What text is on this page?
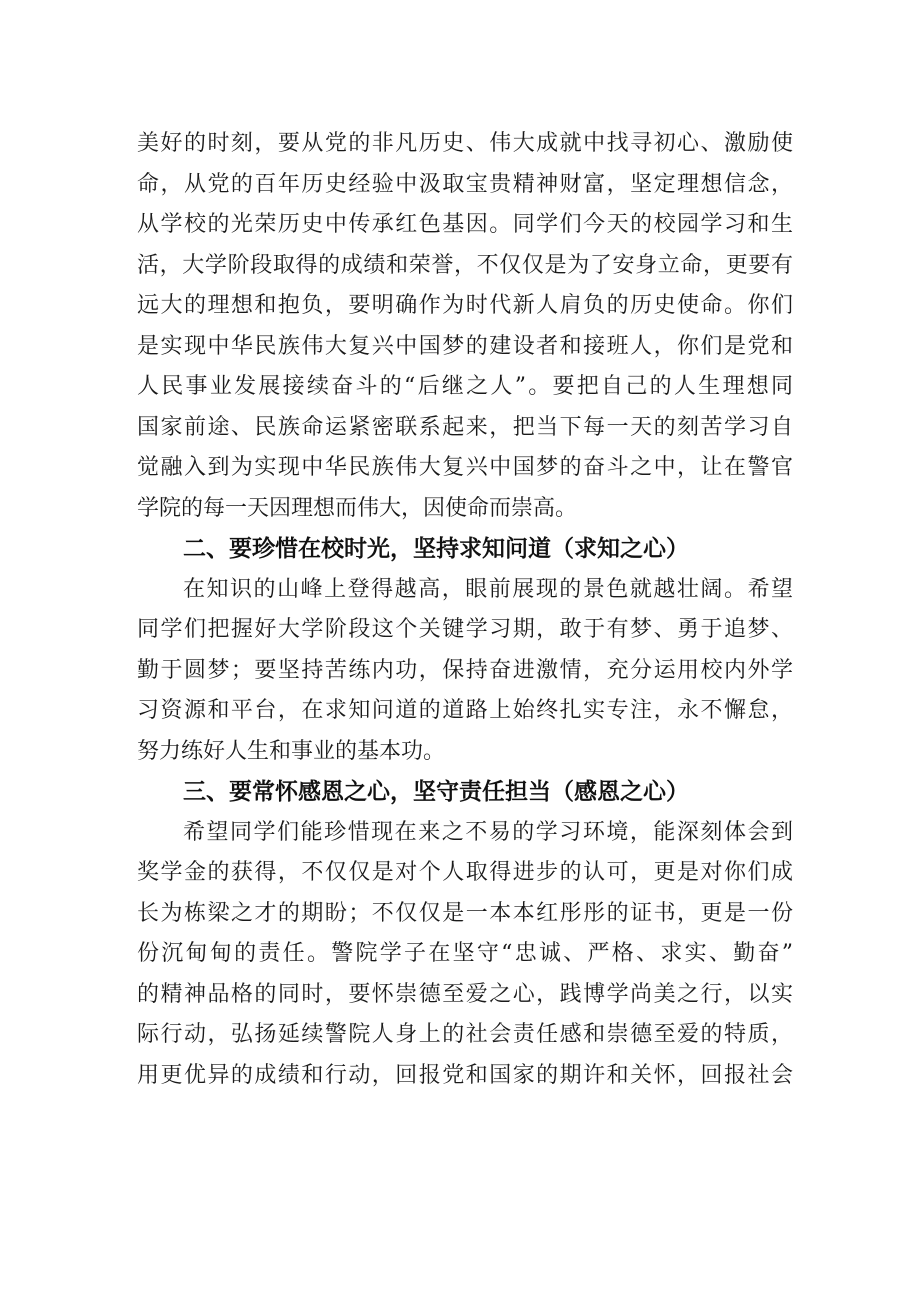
美好的时刻，要从党的非凡历史、伟大成就中找寻初心、激励使
命，从党的百年历史经验中汲取宝贵精神财富，坚定理想信念，
从学校的光荣历史中传承红色基因。同学们今天的校园学习和生
活，大学阶段取得的成绩和荣誉，不仅仅是为了安身立命，更要有
远大的理想和抱负，要明确作为时代新人肩负的历史使命。你们
是实现中华民族伟大复兴中国梦的建设者和接班人，你们是党和
人民事业发展接续奋斗的“后继之人”。要把自己的人生理想同
国家前途、民族命运紧密联系起来，把当下每一天的刻苦学习自
觉融入到为实现中华民族伟大复兴中国梦的奋斗之中，让在警官
学院的每一天因理想而伟大，因使命而崇高。
二、要珍惜在校时光，坚持求知问道（求知之心）
在知识的山峰上登得越高，眼前展现的景色就越壮阔。希望
同学们把握好大学阶段这个关键学习期，敢于有梦、勇于追梦、
勤于圆梦；要坚持苦练内功，保持奋进激情，充分运用校内外学
习资源和平台，在求知问道的道路上始终扎实专注，永不懈怠，
努力练好人生和事业的基本功。
三、要常怀感恩之心，坚守责任担当（感恩之心）
希望同学们能珍惜现在来之不易的学习环境，能深刻体会到
奖学金的获得，不仅仅是对个人取得进步的认可，更是对你们成
长为栋梁之才的期盼；不仅仅是一本本红彤彤的证书，更是一份
份沉甸甸的责任。警院学子在坚守“忠诚、严格、求实、勤奋”
的精神品格的同时，要怀崇德至爱之心，践博学尚美之行，以实
际行动，弘扬延续警院人身上的社会责任感和崇德至爱的特质，
用更优异的成绩和行动，回报党和国家的期许和关怀，回报社会
